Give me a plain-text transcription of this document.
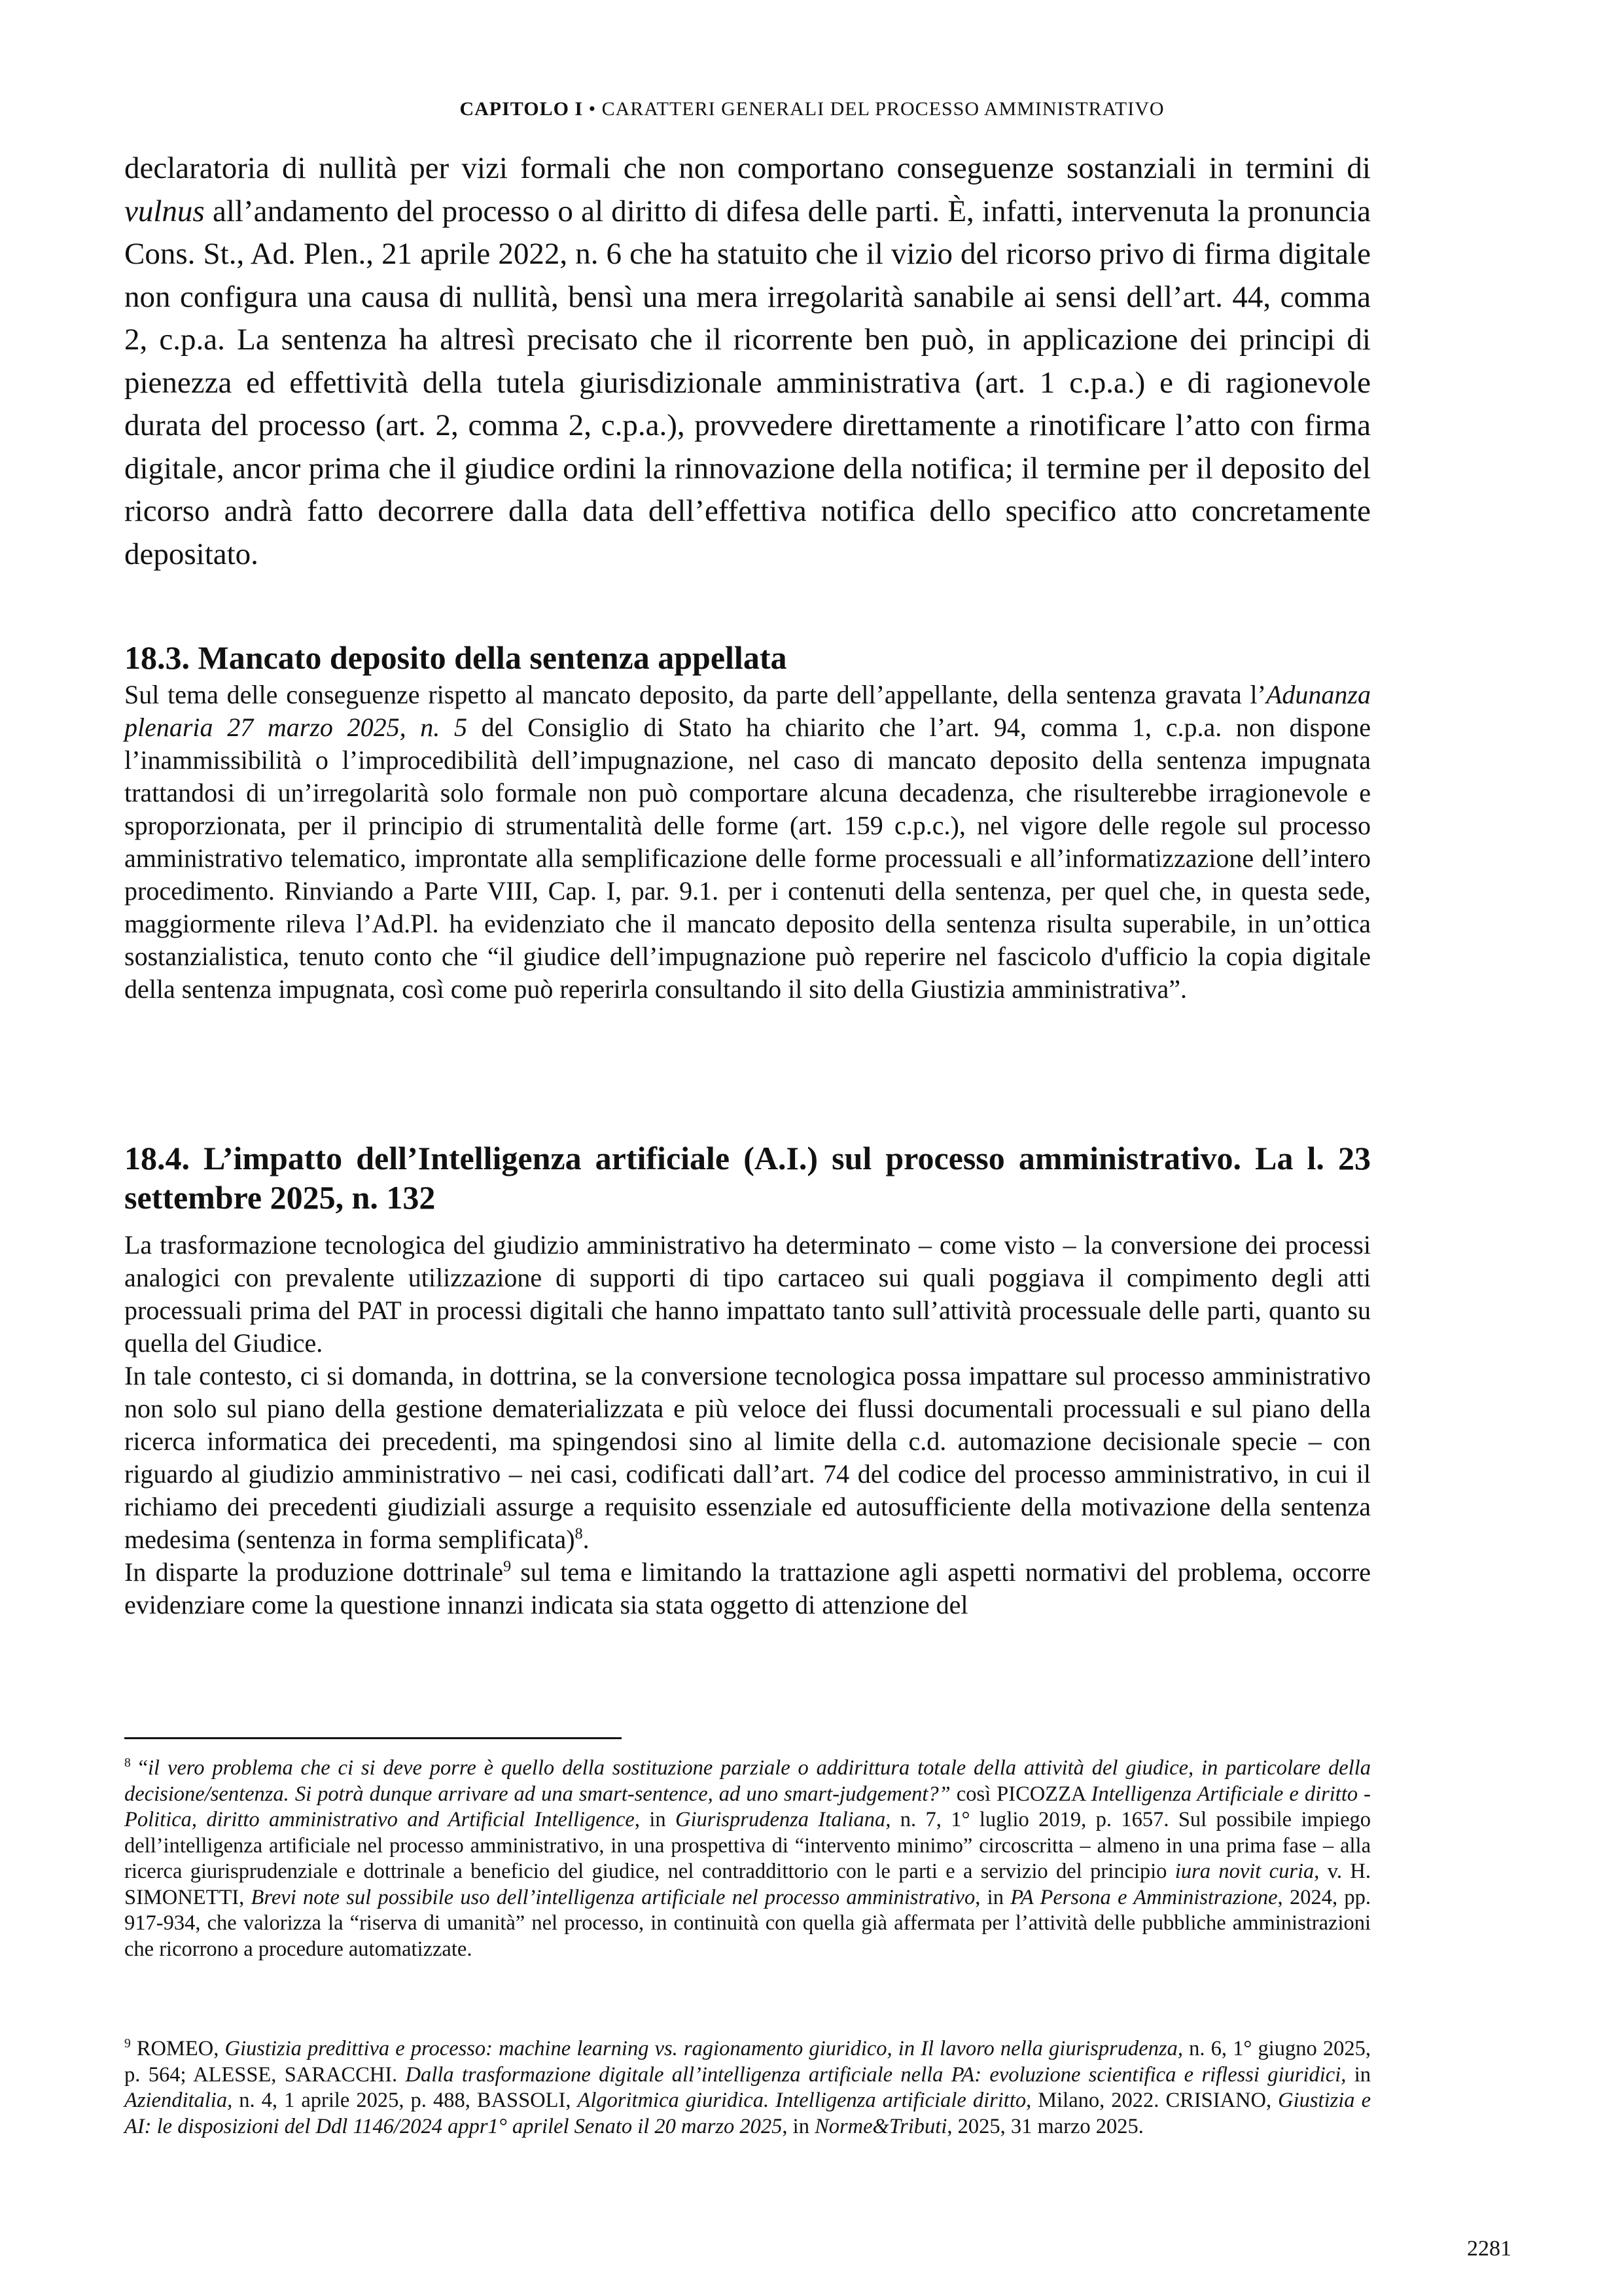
CAPITOLO I • CARATTERI GENERALI DEL PROCESSO AMMINISTRATIVO
declaratoria di nullità per vizi formali che non comportano conseguenze sostanziali in termini di vulnus all’andamento del processo o al diritto di difesa delle parti. È, infatti, intervenuta la pronuncia Cons. St., Ad. Plen., 21 aprile 2022, n. 6 che ha statuito che il vizio del ricorso privo di firma digitale non configura una causa di nullità, bensì una mera irregolarità sanabile ai sensi dell’art. 44, comma 2, c.p.a. La sentenza ha altresì precisato che il ricorrente ben può, in applicazione dei principi di pienezza ed effettività della tutela giurisdizionale amministrativa (art. 1 c.p.a.) e di ragionevole durata del processo (art. 2, comma 2, c.p.a.), provvedere direttamente a rinotificare l’atto con firma digitale, ancor prima che il giudice ordini la rinnovazione della notifica; il termine per il deposito del ricorso andrà fatto decorrere dalla data dell’effettiva notifica dello specifico atto concretamente depositato.
18.3. Mancato deposito della sentenza appellata
Sul tema delle conseguenze rispetto al mancato deposito, da parte dell’appellante, della sentenza gravata l’Adunanza plenaria 27 marzo 2025, n. 5 del Consiglio di Stato ha chiarito che l’art. 94, comma 1, c.p.a. non dispone l’inammissibilità o l’improcedibilità dell’impugnazione, nel caso di mancato deposito della sentenza impugnata trattandosi di un’irregolarità solo formale non può comportare alcuna decadenza, che risulterebbe irragionevole e sproporzionata, per il principio di strumentalità delle forme (art. 159 c.p.c.), nel vigore delle regole sul processo amministrativo telematico, improntate alla semplificazione delle forme processuali e all’informatizzazione dell’intero procedimento. Rinviando a Parte VIII, Cap. I, par. 9.1. per i contenuti della sentenza, per quel che, in questa sede, maggiormente rileva l’Ad.Pl. ha evidenziato che il mancato deposito della sentenza risulta superabile, in un’ottica sostanzialistica, tenuto conto che “il giudice dell’impugnazione può reperire nel fascicolo d'ufficio la copia digitale della sentenza impugnata, così come può reperirla consultando il sito della Giustizia amministrativa”.
18.4. L’impatto dell’Intelligenza artificiale (A.I.) sul processo amministrativo. La l. 23 settembre 2025, n. 132

La trasformazione tecnologica del giudizio amministrativo ha determinato – come visto – la conversione dei processi analogici con prevalente utilizzazione di supporti di tipo cartaceo sui quali poggiava il compimento degli atti processuali prima del PAT in processi digitali che hanno impattato tanto sull’attività processuale delle parti, quanto su quella del Giudice.

In tale contesto, ci si domanda, in dottrina, se la conversione tecnologica possa impattare sul processo amministrativo non solo sul piano della gestione dematerializzata e più veloce dei flussi documentali processuali e sul piano della ricerca informatica dei precedenti, ma spingendosi sino al limite della c.d. automazione decisionale specie – con riguardo al giudizio amministrativo – nei casi, codificati dall’art. 74 del codice del processo amministrativo, in cui il richiamo dei precedenti giudiziali assurge a requisito essenziale ed autosufficiente della motivazione della sentenza medesima (sentenza in forma semplificata)$^8$.

In disparte la produzione dottrinale$^9$ sul tema e limitando la trattazione agli aspetti normativi del problema, occorre evidenziare come la questione innanzi indicata sia stata oggetto di attenzione del

$^8$ “il vero problema che ci si deve porre è quello della sostituzione parziale o addirittura totale della attività del giudice, in particolare della decisione/sentenza. Si potrà dunque arrivare ad una smart-sentence, ad uno smart-judgement?” così PICOZZA Intelligenza Artificiale e diritto - Politica, diritto amministrativo and Artificial Intelligence, in Giurisprudenza Italiana, n. 7, 1° luglio 2019, p. 1657. Sul possibile impiego dell’intelligenza artificiale nel processo amministrativo, in una prospettiva di “intervento minimo” circoscritta – almeno in una prima fase – alla ricerca giurisprudenziale e dottrinale a beneficio del giudice, nel contraddittorio con le parti e a servizio del principio iura novit curia, v. H. SIMONETTI, Brevi note sul possibile uso dell’intelligenza artificiale nel processo amministrativo, in PA Persona e Amministrazione, 2024, pp. 917-934, che valorizza la “riserva di umanità” nel processo, in continuità con quella già affermata per l’attività delle pubbliche amministrazioni che ricorrono a procedure automatizzate.
$^9$ ROMEO, Giustizia predittiva e processo: machine learning vs. ragionamento giuridico, in Il lavoro nella giurisprudenza, n. 6, 1° giugno 2025, p. 564; ALESSE, SARACCHI. Dalla trasformazione digitale all’intelligenza artificiale nella PA: evoluzione scientifica e riflessi giuridici, in Azienditalia, n. 4, 1 aprile 2025, p. 488, BASSOLI, Algoritmica giuridica. Intelligenza artificiale diritto, Milano, 2022. CRISIANO, Giustizia e AI: le disposizioni del Ddl 1146/2024 appr1° aprilel Senato il 20 marzo 2025, in Norme&Tributi, 2025, 31 marzo 2025.
2281
